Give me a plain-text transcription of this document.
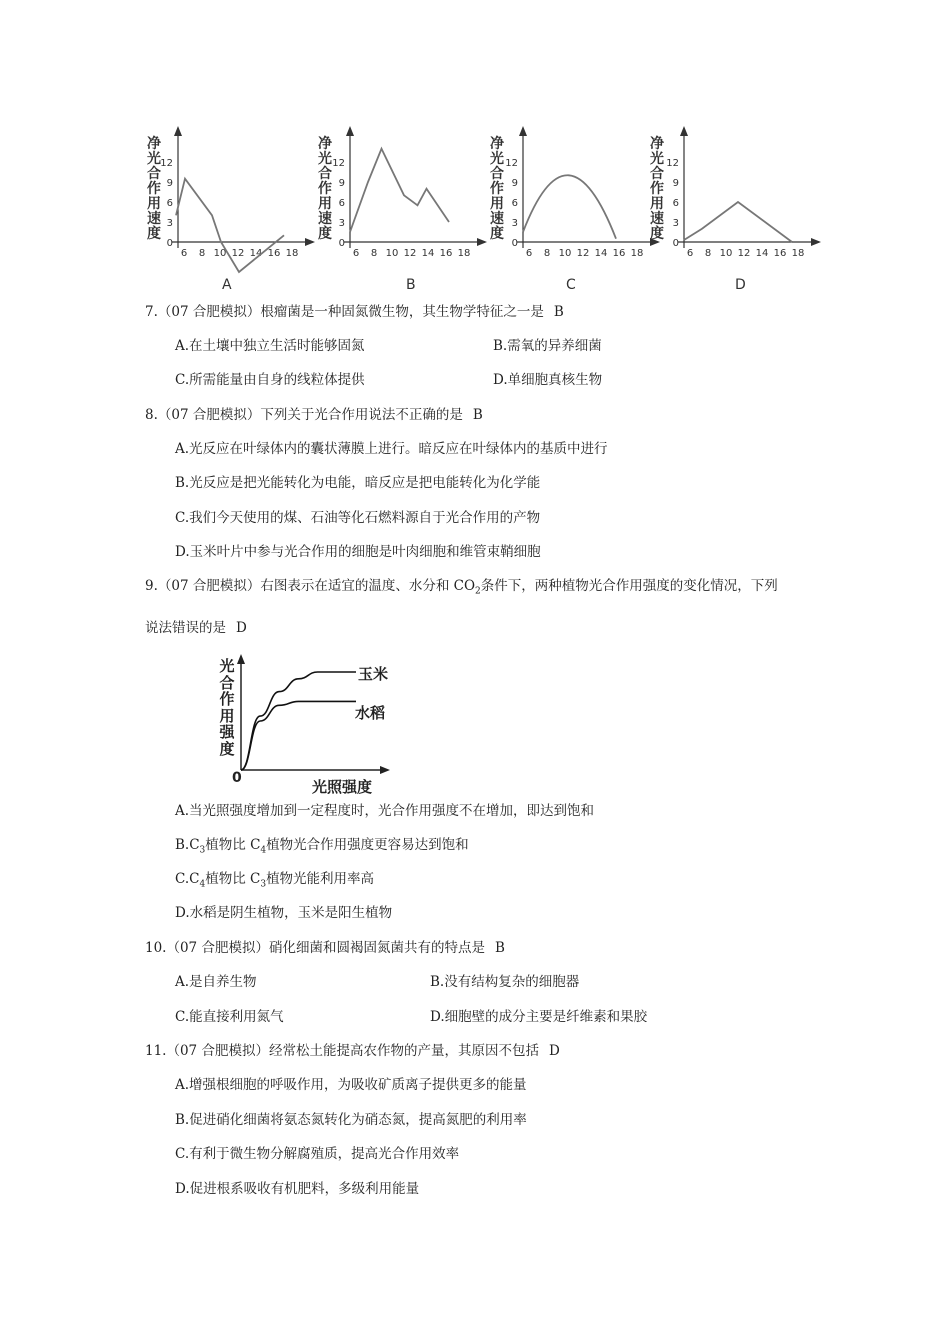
12
9
6
3
0
6 8 10 12 14 16 18
12
9
6
3
0
6 8 10 12 14 16 18
12
9
6
3
0
6 8 10 12 14 16 18
12
9
6
3
0
6 8 10 12 14 16 18
净光合作用速度
净光合作用速度
净光合作用速度
净光合作用速度
A	B	C	D
7.（07 合肥模拟）根瘤菌是一种固氮微生物，其生物学特征之一是 B
A.在土壤中独立生活时能够固氮	B.需氧的异养细菌
C.所需能量由自身的线粒体提供	D.单细胞真核生物
8.（07 合肥模拟）下列关于光合作用说法不正确的是 B
A.光反应在叶绿体内的囊状薄膜上进行。暗反应在叶绿体内的基质中进行
B.光反应是把光能转化为电能，暗反应是把电能转化为化学能
C.我们今天使用的煤、石油等化石燃料源自于光合作用的产物
D.玉米叶片中参与光合作用的细胞是叶肉细胞和维管束鞘细胞
9.（07 合肥模拟）右图表示在适宜的温度、水分和 $CO_2$条件下，两种植物光合作用强度的变化情况，下列
说法错误的是 D
光合作用强度
0	光照强度
玉米
水稻
A.当光照强度增加到一定程度时，光合作用强度不在增加，即达到饱和
$B.C_3$植物比 $C_4$植物光合作用强度更容易达到饱和
$C.C_4$植物比 $C_3$植物光能利用率高
D.水稻是阴生植物，玉米是阳生植物
10.（07 合肥模拟）硝化细菌和圆褐固氮菌共有的特点是 B
A.是自养生物	B.没有结构复杂的细胞器
C.能直接利用氮气	D.细胞壁的成分主要是纤维素和果胶
11.（07 合肥模拟）经常松土能提高农作物的产量，其原因不包括 D
A.增强根细胞的呼吸作用，为吸收矿质离子提供更多的能量
B.促进硝化细菌将氨态氮转化为硝态氮，提高氮肥的利用率
C.有利于微生物分解腐殖质，提高光合作用效率
D.促进根系吸收有机肥料，多级利用能量
